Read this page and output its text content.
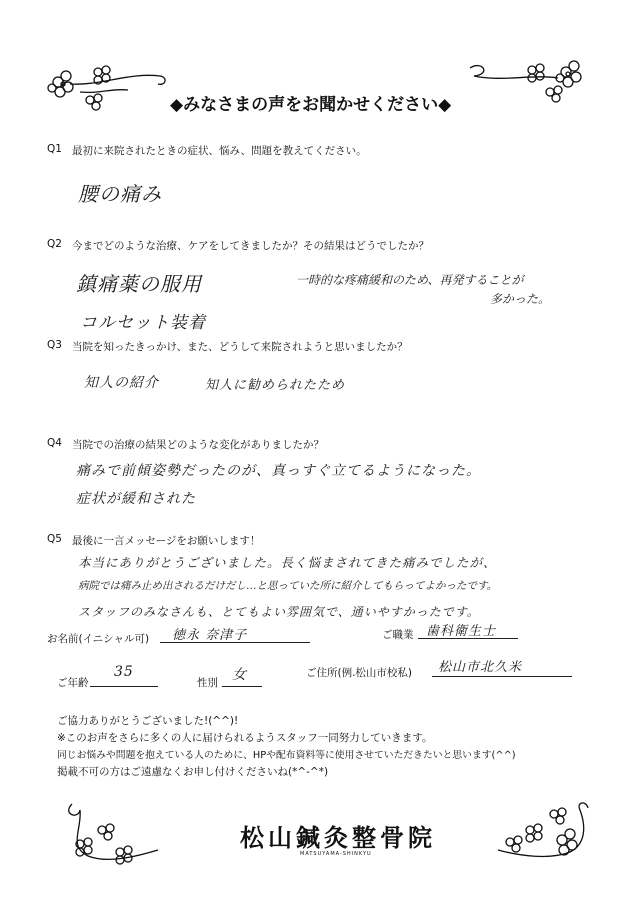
◆みなさまの声をお聞かせください◆
Q1 最初に来院されたときの症状、悩み、問題を教えてください。
腰の痛み
Q2 今までどのような治療、ケアをしてきましたか？その結果はどうでしたか？
鎮痛薬の服用
コルセット装着
一時的な疼痛緩和のため、再発することが
多かった。
Q3 当院を知ったきっかけ、また、どうして来院されようと思いましたか？
知人の紹介	知人に勧められたため
Q4 当院での治療の結果どのような変化がありましたか？
痛みで前傾姿勢だったのが、真っすぐ立てるようになった。
症状が緩和された
Q5 最後に一言メッセージをお願いします！
本当にありがとうございました。長く悩まされてきた痛みでしたが、
病院では痛み止め出されるだけだし…と思っていた所に紹介してもらってよかったです。
スタッフのみなさんも、とてもよい雰囲気で、通いやすかったです。
お名前(イニシャル可) 徳永 奈津子	ご職業 歯科衛生士
ご年齢
35
性別 女	ご住所(例.松山市校私) 松山市北久米
ご協力ありがとうございました!(^^)!
※このお声をさらに多くの人に届けられるようスタッフ一同努力していきます。
同じお悩みや問題を抱えている人のために、HPや配布資料等に使用させていただきたいと思います(^^)
掲載不可の方はご遠慮なくお申し付けくださいね(*^-^*)
松山鍼灸整骨院
MATSUYAMA-SHINKYU
